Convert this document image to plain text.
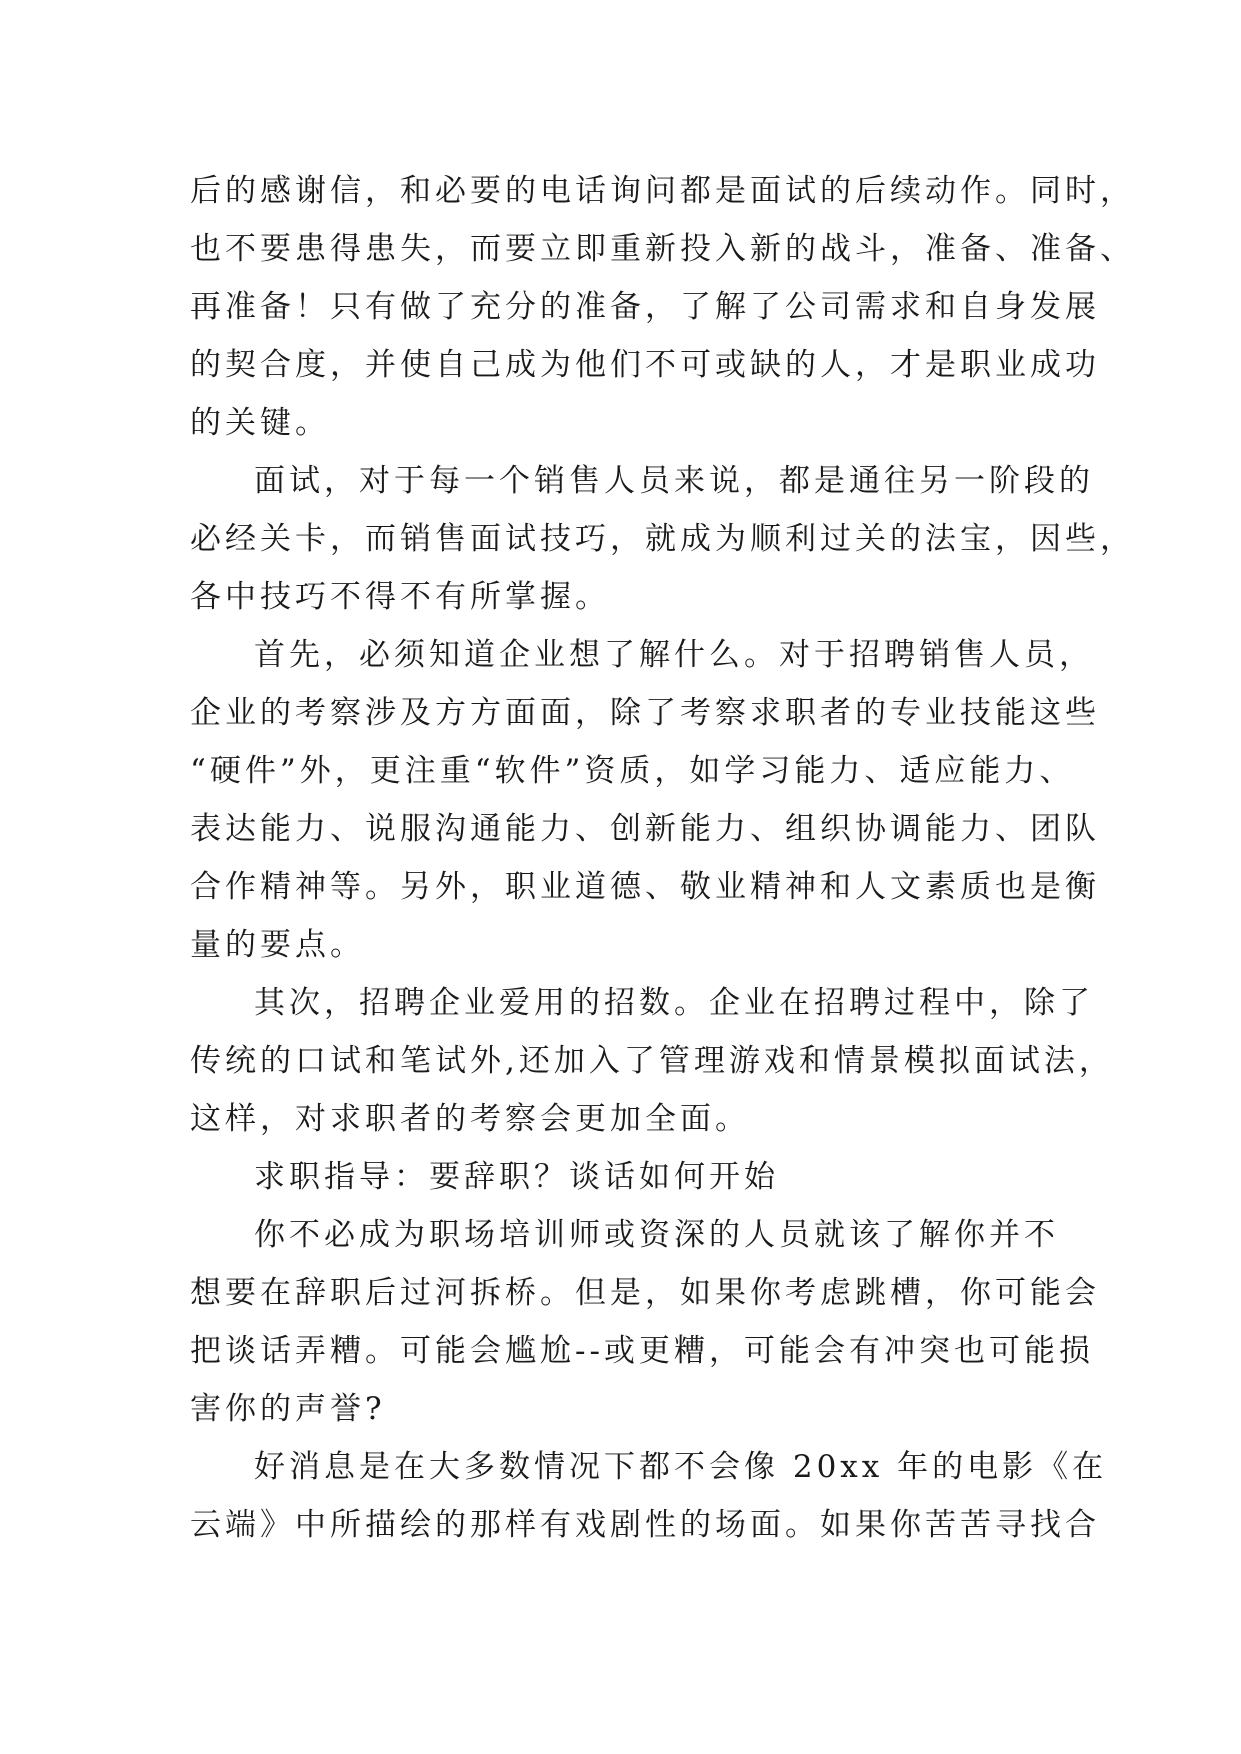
后的感谢信，和必要的电话询问都是面试的后续动作。同时，
也不要患得患失，而要立即重新投入新的战斗，准备、准备、
再准备！只有做了充分的准备，了解了公司需求和自身发展
的契合度，并使自己成为他们不可或缺的人，才是职业成功
的关键。
面试，对于每一个销售人员来说，都是通往另一阶段的
必经关卡，而销售面试技巧，就成为顺利过关的法宝，因些，
各中技巧不得不有所掌握。
首先，必须知道企业想了解什么。对于招聘销售人员，
企业的考察涉及方方面面，除了考察求职者的专业技能这些
“硬件”外，更注重“软件”资质，如学习能力、适应能力、
表达能力、说服沟通能力、创新能力、组织协调能力、团队
合作精神等。另外，职业道德、敬业精神和人文素质也是衡
量的要点。
其次，招聘企业爱用的招数。企业在招聘过程中，除了
传统的口试和笔试外,还加入了管理游戏和情景模拟面试法，
这样，对求职者的考察会更加全面。
求职指导：要辞职？谈话如何开始
你不必成为职场培训师或资深的人员就该了解你并不
想要在辞职后过河拆桥。但是，如果你考虑跳槽，你可能会
把谈话弄糟。可能会尴尬--或更糟，可能会有冲突也可能损
害你的声誉?
好消息是在大多数情况下都不会像 20xx 年的电影《在
云端》中所描绘的那样有戏剧性的场面。如果你苦苦寻找合
